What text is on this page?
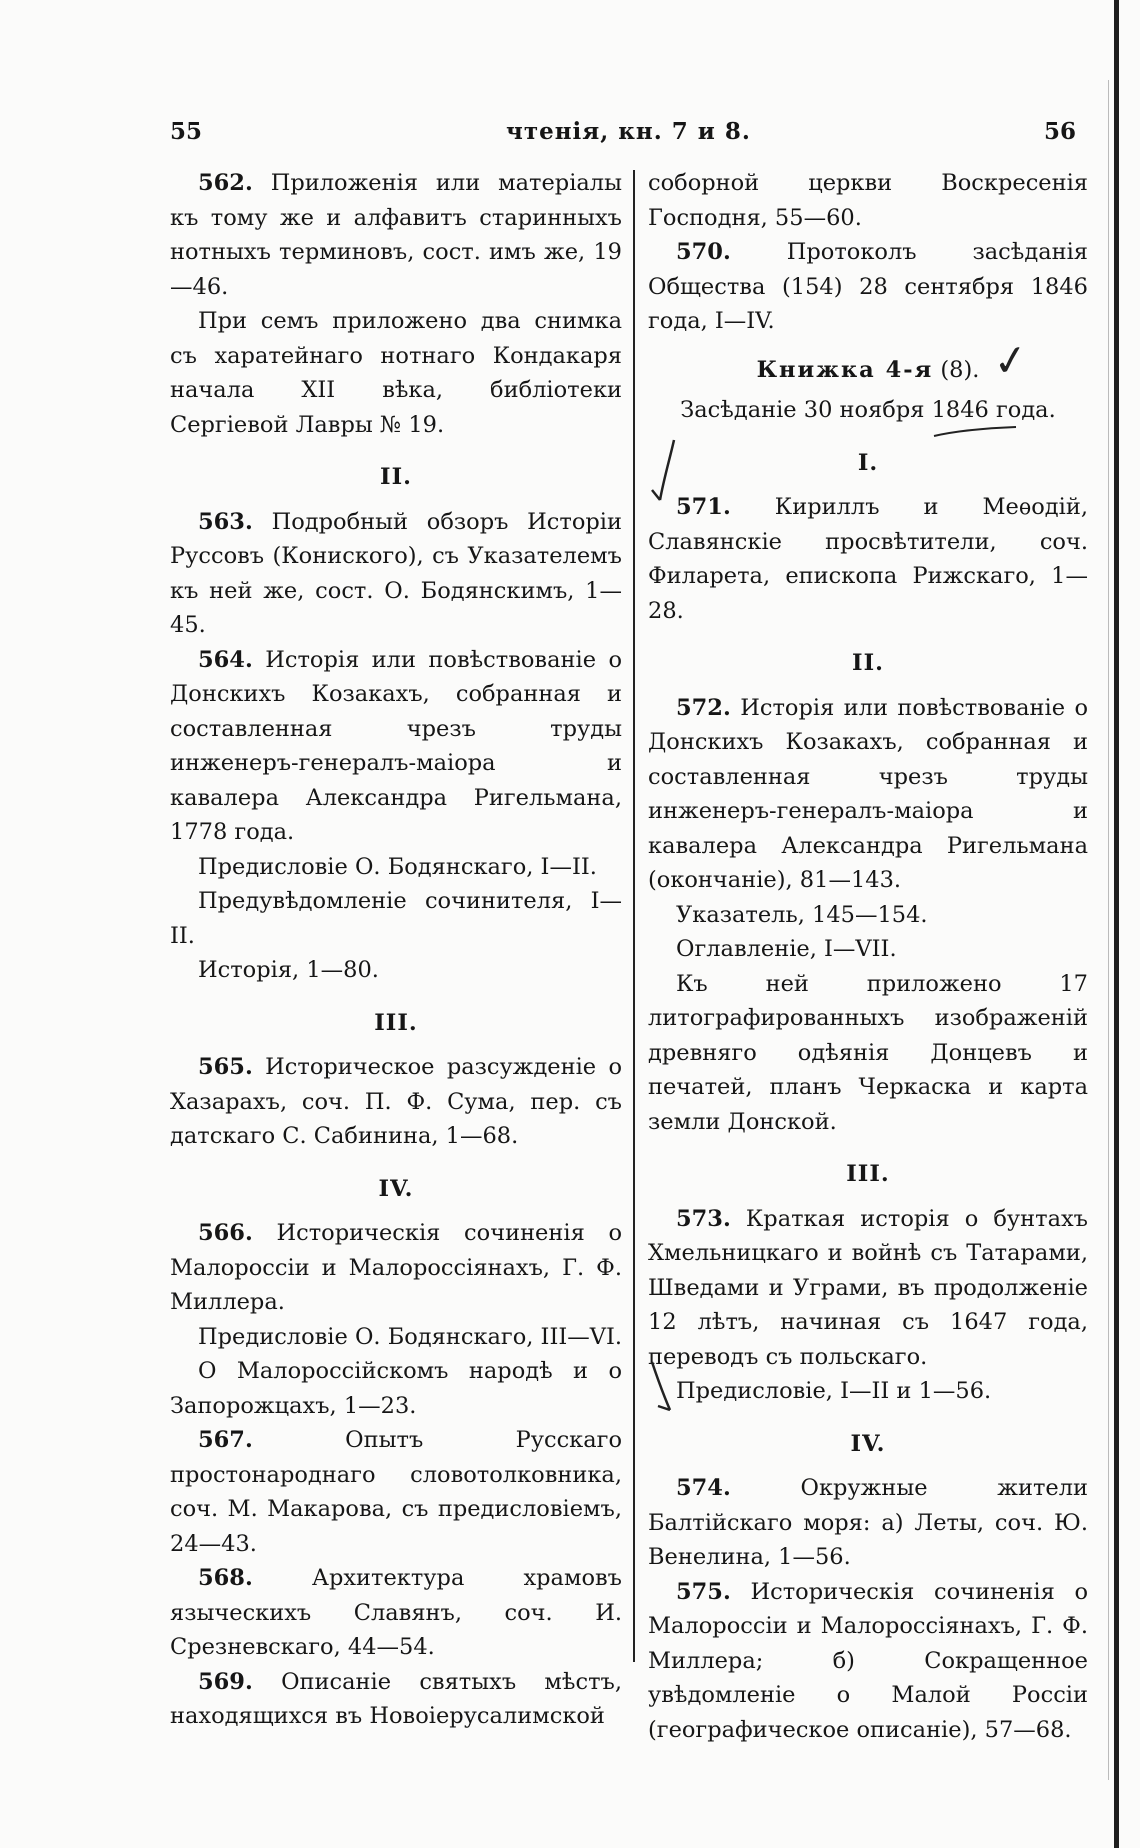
55	чтенія, кн. 7 и 8.	56

562. Приложенія или матеріалы къ тому же и алфавитъ старинныхъ нотныхъ терминовъ, сост. имъ же, 19—46.

При семъ приложено два снимка съ харатейнаго нотнаго Кондакаря начала XII вѣка, библіотеки Сергіевой Лавры № 19.

II.

563. Подробный обзоръ Исторіи Руссовъ (Кониского), съ Указателемъ къ ней же, сост. О. Бодянскимъ, 1—45.

564. Исторія или повѣствованіе о Донскихъ Козакахъ, собранная и составленная чрезъ труды инженеръ-генералъ-маіора и кавалера Александра Ригельмана, 1778 года.

Предисловіе О. Бодянскаго, I—II.

Предувѣдомленіе сочинителя, I—II.

Исторія, 1—80.

III.

565. Историческое разсужденіе о Хазарахъ, соч. П. Ф. Сума, пер. съ датскаго С. Сабинина, 1—68.

IV.

566. Историческія сочиненія о Малороссіи и Малороссіянахъ, Г. Ф. Миллера.

Предисловіе О. Бодянскаго, III—VI.

О Малороссійскомъ народѣ и о Запорожцахъ, 1—23.

567.	Опытъ Русскаго простонароднаго словотолковника, соч. М. Макарова, съ предисловіемъ, 24—43.

568.	Архитектура храмовъ языческихъ Славянъ, соч. И. Срезневскаго, 44—54.

569. Описаніе святыхъ мѣстъ, находящихся въ Новоіерусалимской

соборной церкви Воскресенія Господня, 55—60.

570. Протоколъ засѣданія Общества (154) 28 сентября 1846 года, I—IV.

Книжка 4-я (8).

Засѣданіе 30 ноября 1846 года.

I.

571. Кириллъ и Меѳодій, Славянскіе просвѣтители, соч. Филарета, епископа Рижскаго, 1—28.

II.

572. Исторія или повѣствованіе о Донскихъ Козакахъ, собранная и составленная чрезъ труды инженеръ-генералъ-маіора и кавалера Александра Ригельмана (окончаніе), 81—143.

Указатель, 145—154.

Оглавленіе, I—VII.

Къ ней приложено 17 литографированныхъ изображеній древняго одѣянія Донцевъ и печатей, планъ Черкаска и карта земли Донской.

III.

573. Краткая исторія о бунтахъ Хмельницкаго и войнѣ съ Татарами, Шведами и Уграми, въ продолженіе 12 лѣтъ, начиная съ 1647 года, переводъ съ польскаго.

Предисловіе, I—II и 1—56.

IV.

574.	Окружные жители Балтійскаго моря: а) Леты, соч. Ю. Венелина, 1—56.

575. Историческія сочиненія о Малороссіи и Малороссіянахъ, Г. Ф. Миллера; б) Сокращенное увѣдомленіе о Малой Россіи (географическое описаніе), 57—68.

✓
